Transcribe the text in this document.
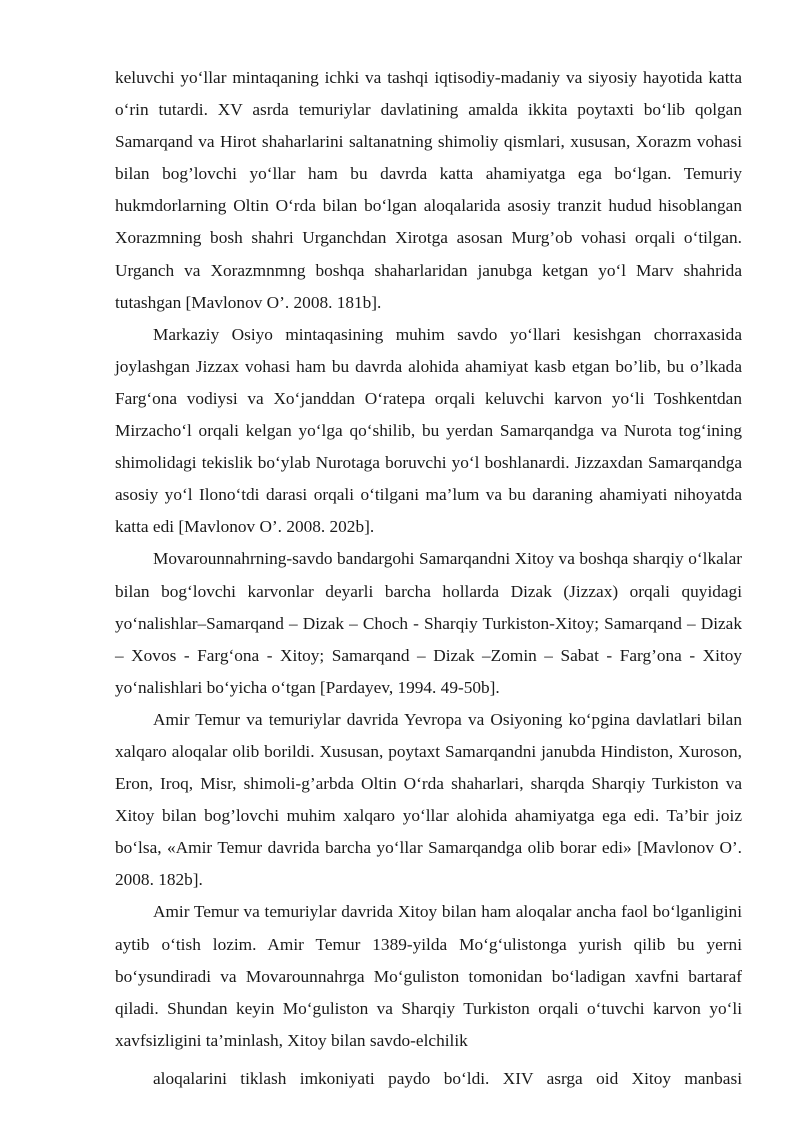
keluvchi yo‘llar mintaqaning ichki va tashqi iqtisodiy-madaniy va siyosiy hayotida katta o‘rin tutardi. XV asrda temuriylar davlatining amalda ikkita poytaxti bo‘lib qolgan Samarqand va Hirot shaharlarini saltanatning shimoliy qismlari, xususan, Xorazm vohasi bilan bog’lovchi yo‘llar ham bu davrda katta ahamiyatga ega bo‘lgan. Temuriy hukmdorlarning Oltin O‘rda bilan bo‘lgan aloqalarida asosiy tranzit hudud hisoblangan Xorazmning bosh shahri Urganchdan Xirotga asosan Murg’ob vohasi orqali o‘tilgan. Urganch va Xorazmnmng boshqa shaharlaridan janubga ketgan yo‘l Marv shahrida tutashgan [Mavlonov O’. 2008. 181b].

Markaziy Osiyo mintaqasining muhim savdo yo‘llari kesishgan chorraxasida joylashgan Jizzax vohasi ham bu davrda alohida ahamiyat kasb etgan bo’lib, bu o’lkada Farg‘ona vodiysi va Xo‘janddan O‘ratepa orqali keluvchi karvon yo‘li Toshkentdan Mirzacho‘l orqali kelgan yo‘lga qo‘shilib, bu yerdan Samarqandga va Nurota tog‘ining shimolidagi tekislik bo‘ylab Nurotaga boruvchi yo‘l boshlanardi. Jizzaxdan Samarqandga asosiy yo‘l Ilono‘tdi darasi orqali o‘tilgani ma’lum va bu daraning ahamiyati nihoyatda katta edi [Mavlonov O’. 2008. 202b].

Movarounnahrning-savdo bandargohi Samarqandni Xitoy va boshqa sharqiy o‘lkalar bilan bog‘lovchi karvonlar deyarli barcha hollarda Dizak (Jizzax) orqali quyidagi yo‘nalishlar–Samarqand – Dizak – Choch - Sharqiy Turkiston-Xitoy; Samarqand – Dizak – Xovos - Farg‘ona - Xitoy; Samarqand – Dizak –Zomin – Sabat - Farg’ona - Xitoy yo‘nalishlari bo‘yicha o‘tgan [Pardayev, 1994. 49-50b].

Amir Temur va temuriylar davrida Yevropa va Osiyoning ko‘pgina davlatlari bilan xalqaro aloqalar olib borildi. Xususan, poytaxt Samarqandni janubda Hindiston, Xuroson, Eron, Iroq, Misr, shimoli-g’arbda Oltin O‘rda shaharlari, sharqda Sharqiy Turkiston va Xitoy bilan bog’lovchi muhim xalqaro yo‘llar alohida ahamiyatga ega edi. Ta’bir joiz bo‘lsa, «Amir Temur davrida barcha yo‘llar Samarqandga olib borar edi» [Mavlonov O’. 2008. 182b].

Amir Temur va temuriylar davrida Xitoy bilan ham aloqalar ancha faol bo‘lganligini aytib o‘tish lozim. Amir Temur 1389-yilda Mo‘g‘ulistonga yurish qilib bu yerni bo‘ysundiradi va Movarounnahrga Mo‘guliston tomonidan bo‘ladigan xavfni bartaraf qiladi. Shundan keyin Mo‘guliston va Sharqiy Turkiston orqali o‘tuvchi karvon yo‘li xavfsizligini ta’minlash, Xitoy bilan savdo-elchilik

aloqalarini tiklash imkoniyati paydo bo‘ldi. XIV asrga oid Xitoy manbasi
